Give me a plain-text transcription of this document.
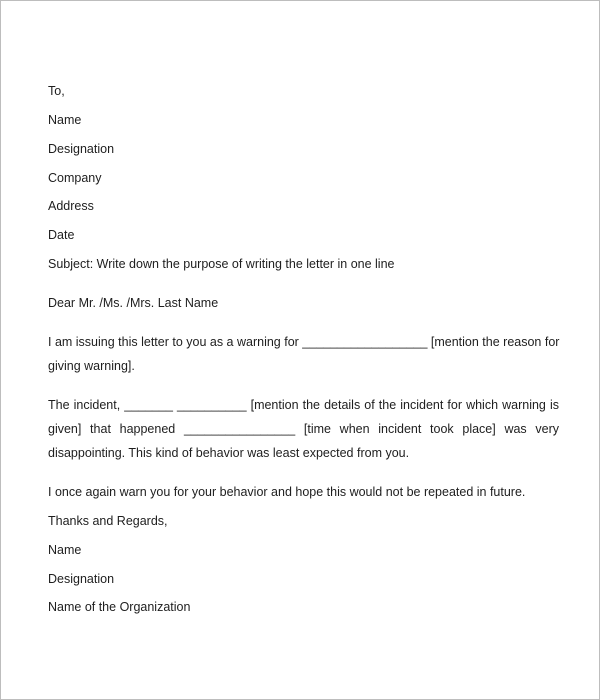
To,
Name
Designation
Company
Address
Date
Subject: Write down the purpose of writing the letter in one line
Dear Mr. /Ms. /Mrs. Last Name
I am issuing this letter to you as a warning for __________________ [mention the reason for
giving warning].
The incident, _______ __________ [mention the details of the incident for which warning is
given] that happened ________________ [time when incident took place] was very
disappointing. This kind of behavior was least expected from you.
I once again warn you for your behavior and hope this would not be repeated in future.
Thanks and Regards,
Name
Designation
Name of the Organization
